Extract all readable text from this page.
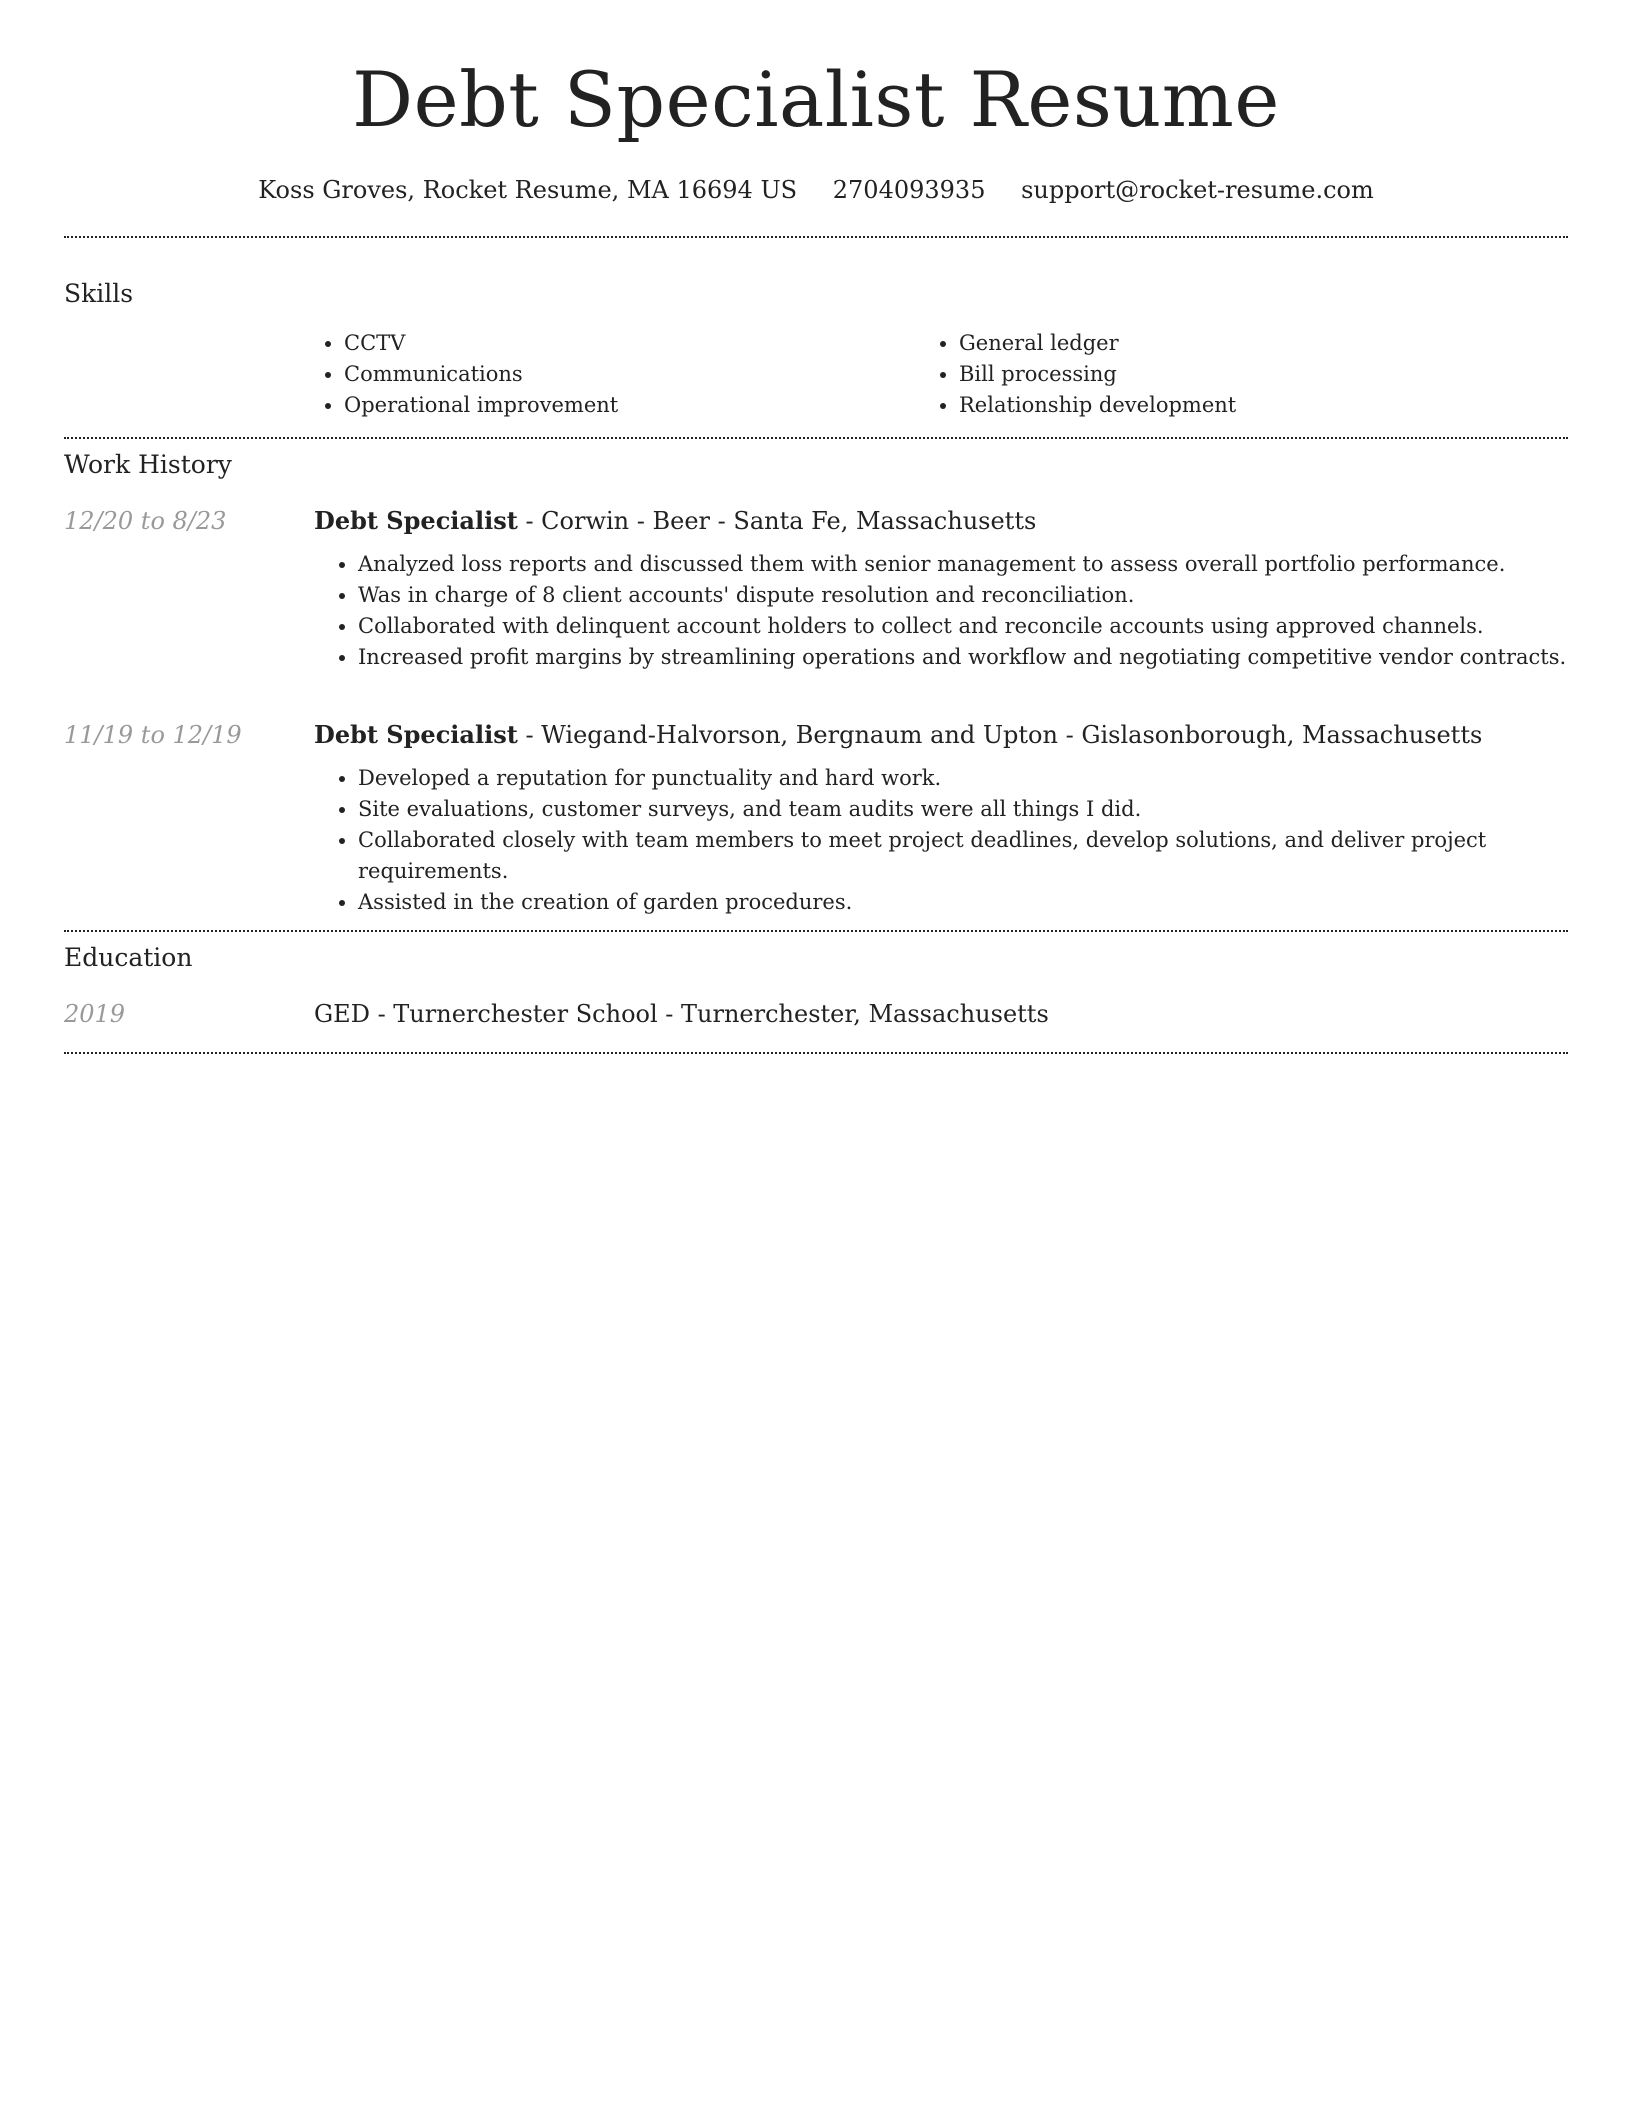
Debt Specialist Resume
Koss Groves, Rocket Resume, MA 16694 US 2704093935 support@rocket-resume.com
Skills
• CCTV
• Communications
• Operational improvement
• General ledger
• Bill processing
• Relationship development
Work History
12/20 to 8/23	Debt Specialist - Corwin - Beer - Santa Fe, Massachusetts
• Analyzed loss reports and discussed them with senior management to assess overall portfolio performance.
• Was in charge of 8 client accounts' dispute resolution and reconciliation.
• Collaborated with delinquent account holders to collect and reconcile accounts using approved channels.
• Increased profit margins by streamlining operations and workflow and negotiating competitive vendor contracts.
11/19 to 12/19	Debt Specialist - Wiegand-Halvorson, Bergnaum and Upton - Gislasonborough, Massachusetts
• Developed a reputation for punctuality and hard work.
• Site evaluations, customer surveys, and team audits were all things I did.
• Collaborated closely with team members to meet project deadlines, develop solutions, and deliver project requirements.
• Assisted in the creation of garden procedures.
Education
2019	GED - Turnerchester School - Turnerchester, Massachusetts
